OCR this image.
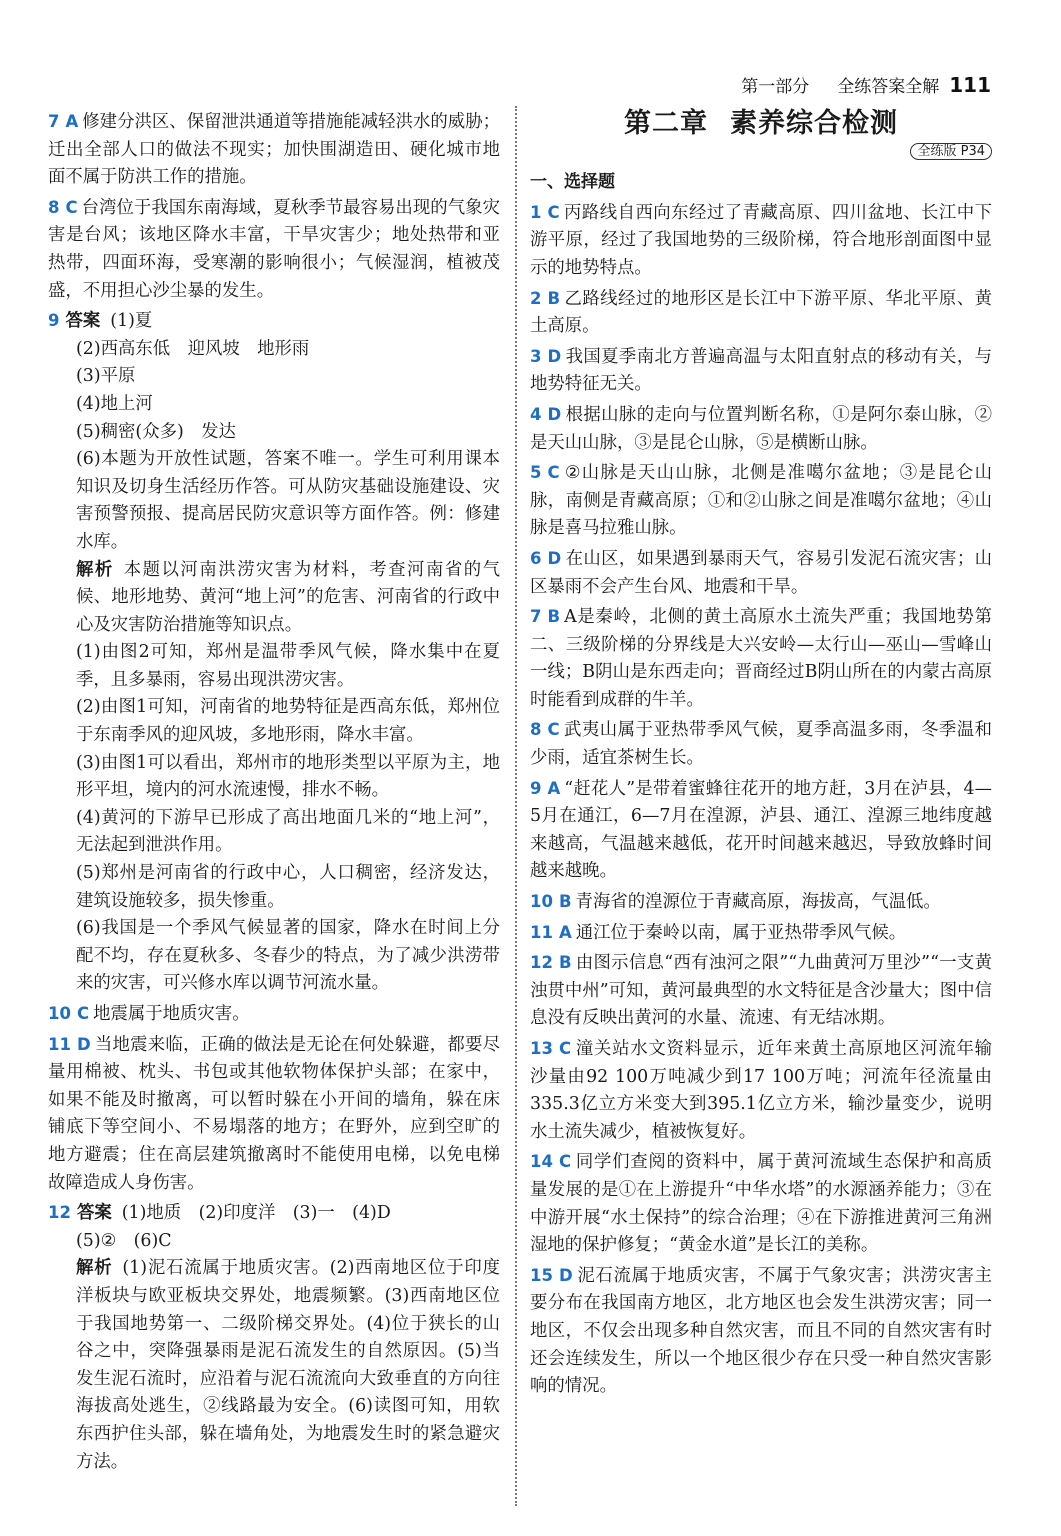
第一部分 全练答案全解 111
7 A 修建分洪区、保留泄洪通道等措施能减轻洪水的威胁；迁出全部人口的做法不现实；加快围湖造田、硬化城市地面不属于防洪工作的措施。
8 C 台湾位于我国东南海域，夏秋季节最容易出现的气象灾害是台风；该地区降水丰富，干旱灾害少；地处热带和亚热带，四面环海，受寒潮的影响很小；气候湿润，植被茂盛，不用担心沙尘暴的发生。
9 答案 (1)夏
(2)西高东低　迎风坡　地形雨
(3)平原
(4)地上河
(5)稠密(众多)　发达
(6)本题为开放性试题，答案不唯一。学生可利用课本知识及切身生活经历作答。可从防灾基础设施建设、灾害预警预报、提高居民防灾意识等方面作答。例：修建水库。
解析 本题以河南洪涝灾害为材料，考查河南省的气候、地形地势、黄河“地上河”的危害、河南省的行政中心及灾害防治措施等知识点。
(1)由图2可知，郑州是温带季风气候，降水集中在夏季，且多暴雨，容易出现洪涝灾害。
(2)由图1可知，河南省的地势特征是西高东低，郑州位于东南季风的迎风坡，多地形雨，降水丰富。
(3)由图1可以看出，郑州市的地形类型以平原为主，地形平坦，境内的河水流速慢，排水不畅。
(4)黄河的下游早已形成了高出地面几米的“地上河”，无法起到泄洪作用。
(5)郑州是河南省的行政中心，人口稠密，经济发达，建筑设施较多，损失惨重。
(6)我国是一个季风气候显著的国家，降水在时间上分配不均，存在夏秋多、冬春少的特点，为了减少洪涝带来的灾害，可兴修水库以调节河流水量。
10 C 地震属于地质灾害。
11 D 当地震来临，正确的做法是无论在何处躲避，都要尽量用棉被、枕头、书包或其他软物体保护头部；在家中，如果不能及时撤离，可以暂时躲在小开间的墙角，躲在床铺底下等空间小、不易塌落的地方；在野外，应到空旷的地方避震；住在高层建筑撤离时不能使用电梯，以免电梯故障造成人身伤害。
12 答案 (1)地质　(2)印度洋　(3)一　(4)D
(5)②　(6)C
解析 (1)泥石流属于地质灾害。(2)西南地区位于印度洋板块与欧亚板块交界处，地震频繁。(3)西南地区位于我国地势第一、二级阶梯交界处。(4)位于狭长的山谷之中，突降强暴雨是泥石流发生的自然原因。(5)当发生泥石流时，应沿着与泥石流流向大致垂直的方向往海拔高处逃生，②线路最为安全。(6)读图可知，用软东西护住头部，躲在墙角处，为地震发生时的紧急避灾方法。
第二章 素养综合检测
全练版 P34
一、选择题
1 C 丙路线自西向东经过了青藏高原、四川盆地、长江中下游平原，经过了我国地势的三级阶梯，符合地形剖面图中显示的地势特点。
2 B 乙路线经过的地形区是长江中下游平原、华北平原、黄土高原。
3 D 我国夏季南北方普遍高温与太阳直射点的移动有关，与地势特征无关。
4 D 根据山脉的走向与位置判断名称，①是阿尔泰山脉，②是天山山脉，③是昆仑山脉，⑤是横断山脉。
5 C ②山脉是天山山脉，北侧是准噶尔盆地；③是昆仑山脉，南侧是青藏高原；①和②山脉之间是准噶尔盆地；④山脉是喜马拉雅山脉。
6 D 在山区，如果遇到暴雨天气，容易引发泥石流灾害；山区暴雨不会产生台风、地震和干旱。
7 B A是秦岭，北侧的黄土高原水土流失严重；我国地势第二、三级阶梯的分界线是大兴安岭—太行山—巫山—雪峰山一线；B阴山是东西走向；晋商经过B阴山所在的内蒙古高原时能看到成群的牛羊。
8 C 武夷山属于亚热带季风气候，夏季高温多雨，冬季温和少雨，适宜茶树生长。
9 A “赶花人”是带着蜜蜂往花开的地方赶，3月在泸县，4—5月在通江，6—7月在湟源，泸县、通江、湟源三地纬度越来越高，气温越来越低，花开时间越来越迟，导致放蜂时间越来越晚。
10 B 青海省的湟源位于青藏高原，海拔高，气温低。
11 A 通江位于秦岭以南，属于亚热带季风气候。
12 B 由图示信息“西有浊河之限”“九曲黄河万里沙”“一支黄浊贯中州”可知，黄河最典型的水文特征是含沙量大；图中信息没有反映出黄河的水量、流速、有无结冰期。
13 C 潼关站水文资料显示，近年来黄土高原地区河流年输沙量由92 100万吨减少到17 100万吨；河流年径流量由335.3亿立方米变大到395.1亿立方米，输沙量变少，说明水土流失减少，植被恢复好。
14 C 同学们查阅的资料中，属于黄河流域生态保护和高质量发展的是①在上游提升“中华水塔”的水源涵养能力；③在中游开展“水土保持”的综合治理；④在下游推进黄河三角洲湿地的保护修复；“黄金水道”是长江的美称。
15 D 泥石流属于地质灾害，不属于气象灾害；洪涝灾害主要分布在我国南方地区，北方地区也会发生洪涝灾害；同一地区，不仅会出现多种自然灾害，而且不同的自然灾害有时还会连续发生，所以一个地区很少存在只受一种自然灾害影响的情况。
